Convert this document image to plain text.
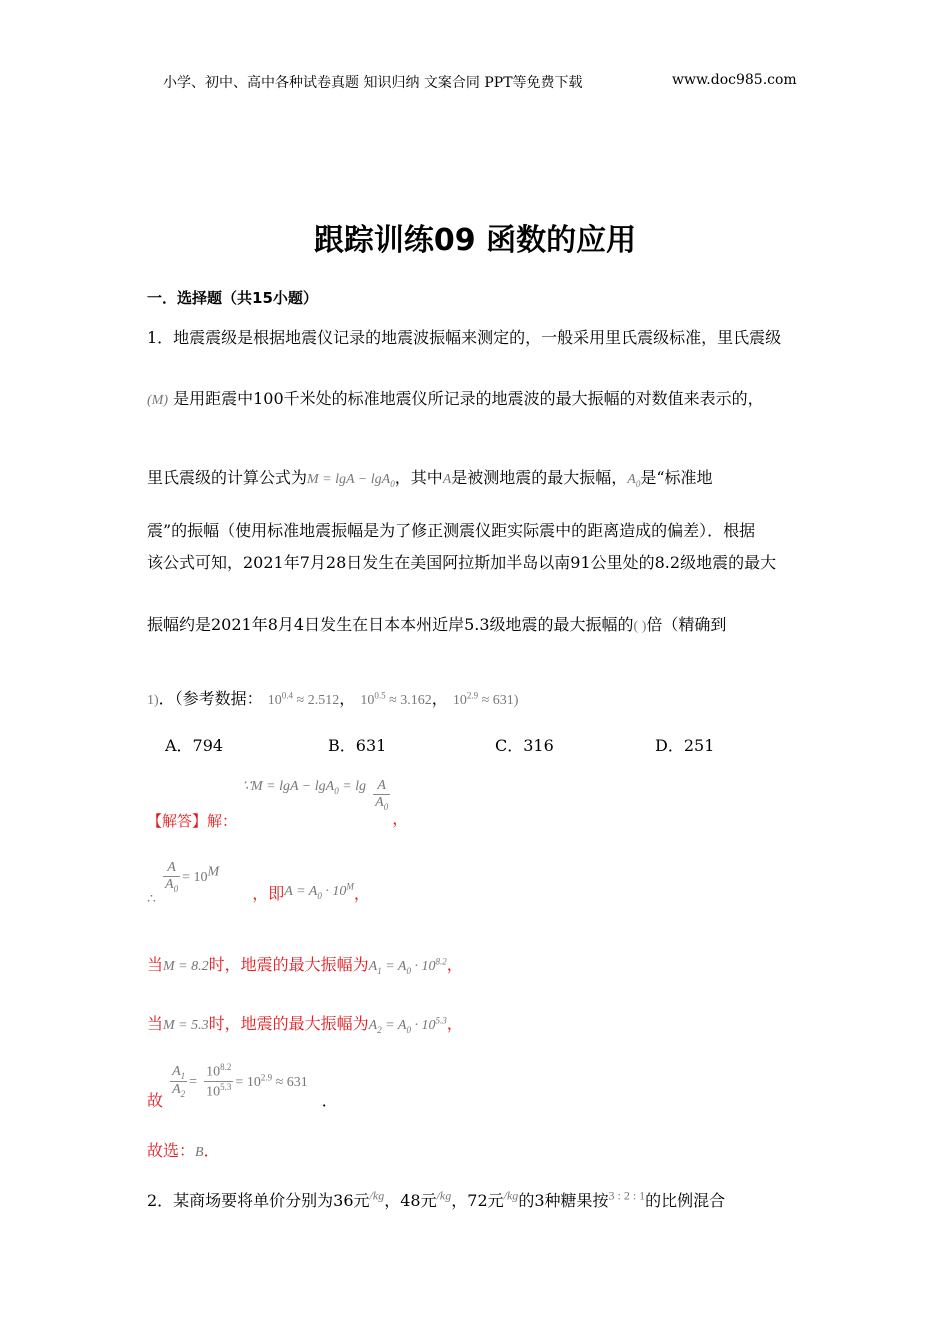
小学、初中、高中各种试卷真题 知识归纳 文案合同 PPT等免费下载	www.doc985.com
跟踪训练09 函数的应用
一．选择题（共15小题）
1．地震震级是根据地震仪记录的地震波振幅来测定的，一般采用里氏震级标准，里氏震级
(M) 是用距震中100千米处的标准地震仪所记录的地震波的最大振幅的对数值来表示的，
里氏震级的计算公式为M = lgA − lgA$_0$，其中A是被测地震的最大振幅，$A_0$是“标准地
震”的振幅（使用标准地震振幅是为了修正测震仪距实际震中的距离造成的偏差）．根据
该公式可知，2021年7月28日发生在美国阿拉斯加半岛以南91公里处的8.2级地震的最大
振幅约是2021年8月4日发生在日本本州近岸5.3级地震的最大振幅的( )倍（精确到
1)．（参考数据： $10^{0.4} \approx 2.512$， $10^{0.5} \approx 3.162$， $10^{2.9} \approx 631$)
A．794	B．631	C．316	D．251
【解答】解： ∵M = $\lg A - \lg A_0 = \lg \frac{A}{A_0}$
，
∴
$\frac{A}{A_0} = 10^M$ ，即$A = A_0 \cdot 10^M$，
当M = 8.2时，地震的最大振幅为$A_1 = A_0 \cdot 10^{8.2}$，
当M = 5.3时，地震的最大振幅为$A_2 = A_0 \cdot 10^{5.3}$，
故
$\frac{A_1}{A_2} = \frac{10^{8.2}}{10^{5.3}} = 10^{2.9} \approx 631$．
故选：B．
2．某商场要将单价分别为36元$^{/kg}$，48元$^{/kg}$，72元$^{/kg}$的3种糖果按$^{3 : 2 : 1}$的比例混合
